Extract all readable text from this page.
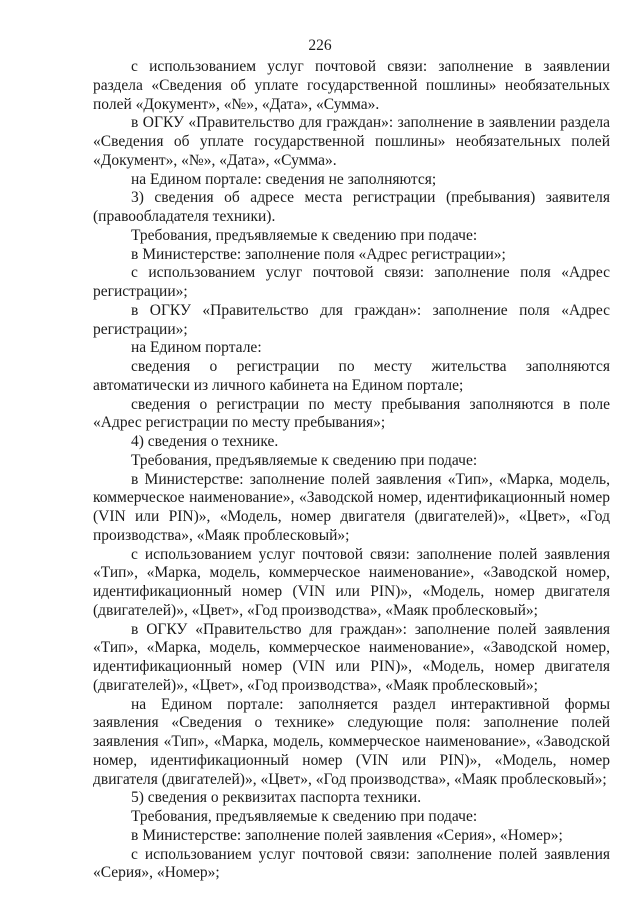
226

с использованием услуг почтовой связи: заполнение в заявлении раздела «Сведения об уплате государственной пошлины» необязательных полей «Документ», «№», «Дата», «Сумма».

в ОГКУ «Правительство для граждан»: заполнение в заявлении раздела «Сведения об уплате государственной пошлины» необязательных полей «Документ», «№», «Дата», «Сумма».

на Едином портале: сведения не заполняются;

3) сведения об адресе места регистрации (пребывания) заявителя (правообладателя техники).

Требования, предъявляемые к сведению при подаче:

в Министерстве: заполнение поля «Адрес регистрации»;

с использованием услуг почтовой связи: заполнение поля «Адрес регистрации»;

в ОГКУ «Правительство для граждан»: заполнение поля «Адрес регистрации»;

на Едином портале:

сведения о регистрации по месту жительства заполняются автоматически из личного кабинета на Едином портале;

сведения о регистрации по месту пребывания заполняются в поле «Адрес регистрации по месту пребывания»;

4) сведения о технике.

Требования, предъявляемые к сведению при подаче:

в Министерстве: заполнение полей заявления «Тип», «Марка, модель, коммерческое наименование», «Заводской номер, идентификационный номер (VIN или PIN)», «Модель, номер двигателя (двигателей)», «Цвет», «Год производства», «Маяк проблесковый»;

с использованием услуг почтовой связи: заполнение полей заявления «Тип», «Марка, модель, коммерческое наименование», «Заводской номер, идентификационный номер (VIN или PIN)», «Модель, номер двигателя (двигателей)», «Цвет», «Год производства», «Маяк проблесковый»;

в ОГКУ «Правительство для граждан»: заполнение полей заявления «Тип», «Марка, модель, коммерческое наименование», «Заводской номер, идентификационный номер (VIN или PIN)», «Модель, номер двигателя (двигателей)», «Цвет», «Год производства», «Маяк проблесковый»;

на Едином портале: заполняется раздел интерактивной формы заявления «Сведения о технике» следующие поля: заполнение полей заявления «Тип», «Марка, модель, коммерческое наименование», «Заводской номер, идентификационный номер (VIN или PIN)», «Модель, номер двигателя (двигателей)», «Цвет», «Год производства», «Маяк проблесковый»;

5) сведения о реквизитах паспорта техники.

Требования, предъявляемые к сведению при подаче:

в Министерстве: заполнение полей заявления «Серия», «Номер»;

с использованием услуг почтовой связи: заполнение полей заявления «Серия», «Номер»;
